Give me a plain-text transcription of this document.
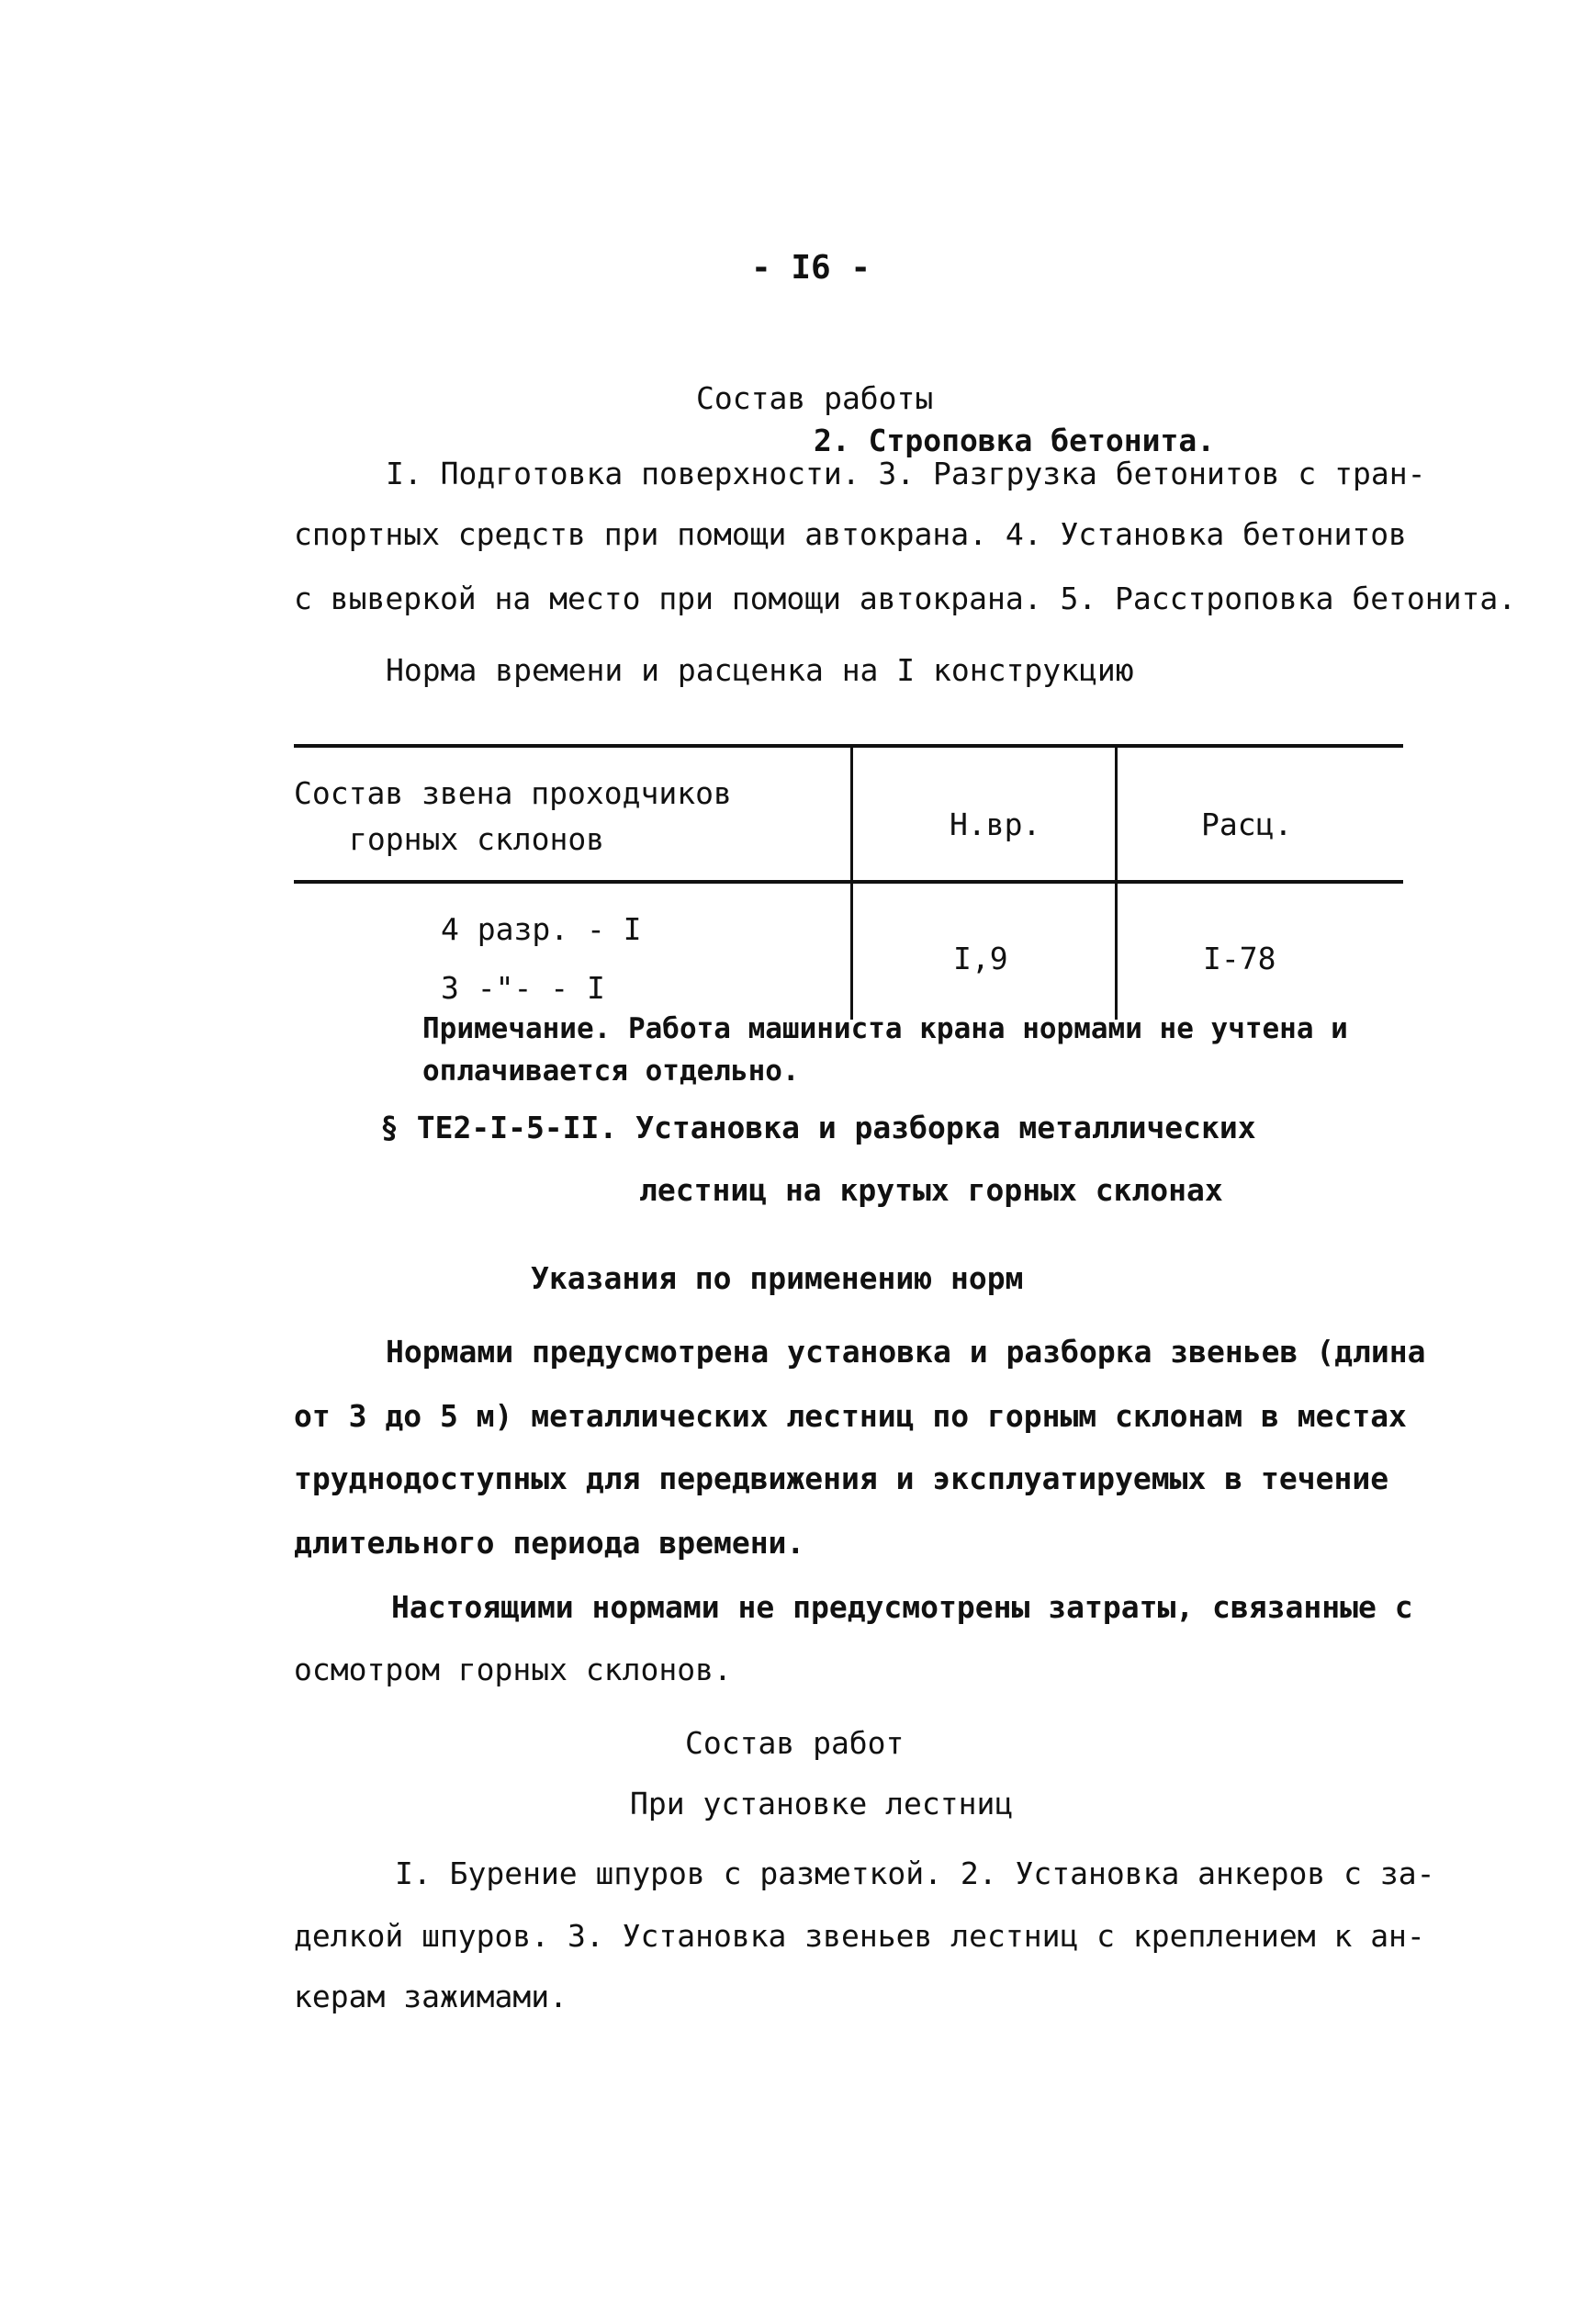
- I6 -
Состав работы
2. Строповка бетонита.
I. Подготовка поверхности. 3. Разгрузка бетонитов с тран-
спортных средств при помощи автокрана. 4. Установка бетонитов
с выверкой на место при помощи автокрана. 5. Расстроповка бетонита.
Норма времени и расценка на I конструкцию
Состав звена проходчиков
горных склонов	Н.вр.	Расц.
4 разр. - I
3 -"- - I
I,9	I-78
Примечание. Работа машиниста крана нормами не учтена и
оплачивается отдельно.
§ ТЕ2-I-5-II. Установка и разборка металлических
лестниц на крутых горных склонах
Указания по применению норм
Нормами предусмотрена установка и разборка звеньев (длина
от 3 до 5 м) металлических лестниц по горным склонам в местах
труднодоступных для передвижения и эксплуатируемых в течение
длительного периода времени.
Настоящими нормами не предусмотрены затраты, связанные с
осмотром горных склонов.
Состав работ
При установке лестниц
I. Бурение шпуров с разметкой. 2. Установка анкеров с за-
делкой шпуров. 3. Установка звеньев лестниц с креплением к ан-
керам зажимами.
